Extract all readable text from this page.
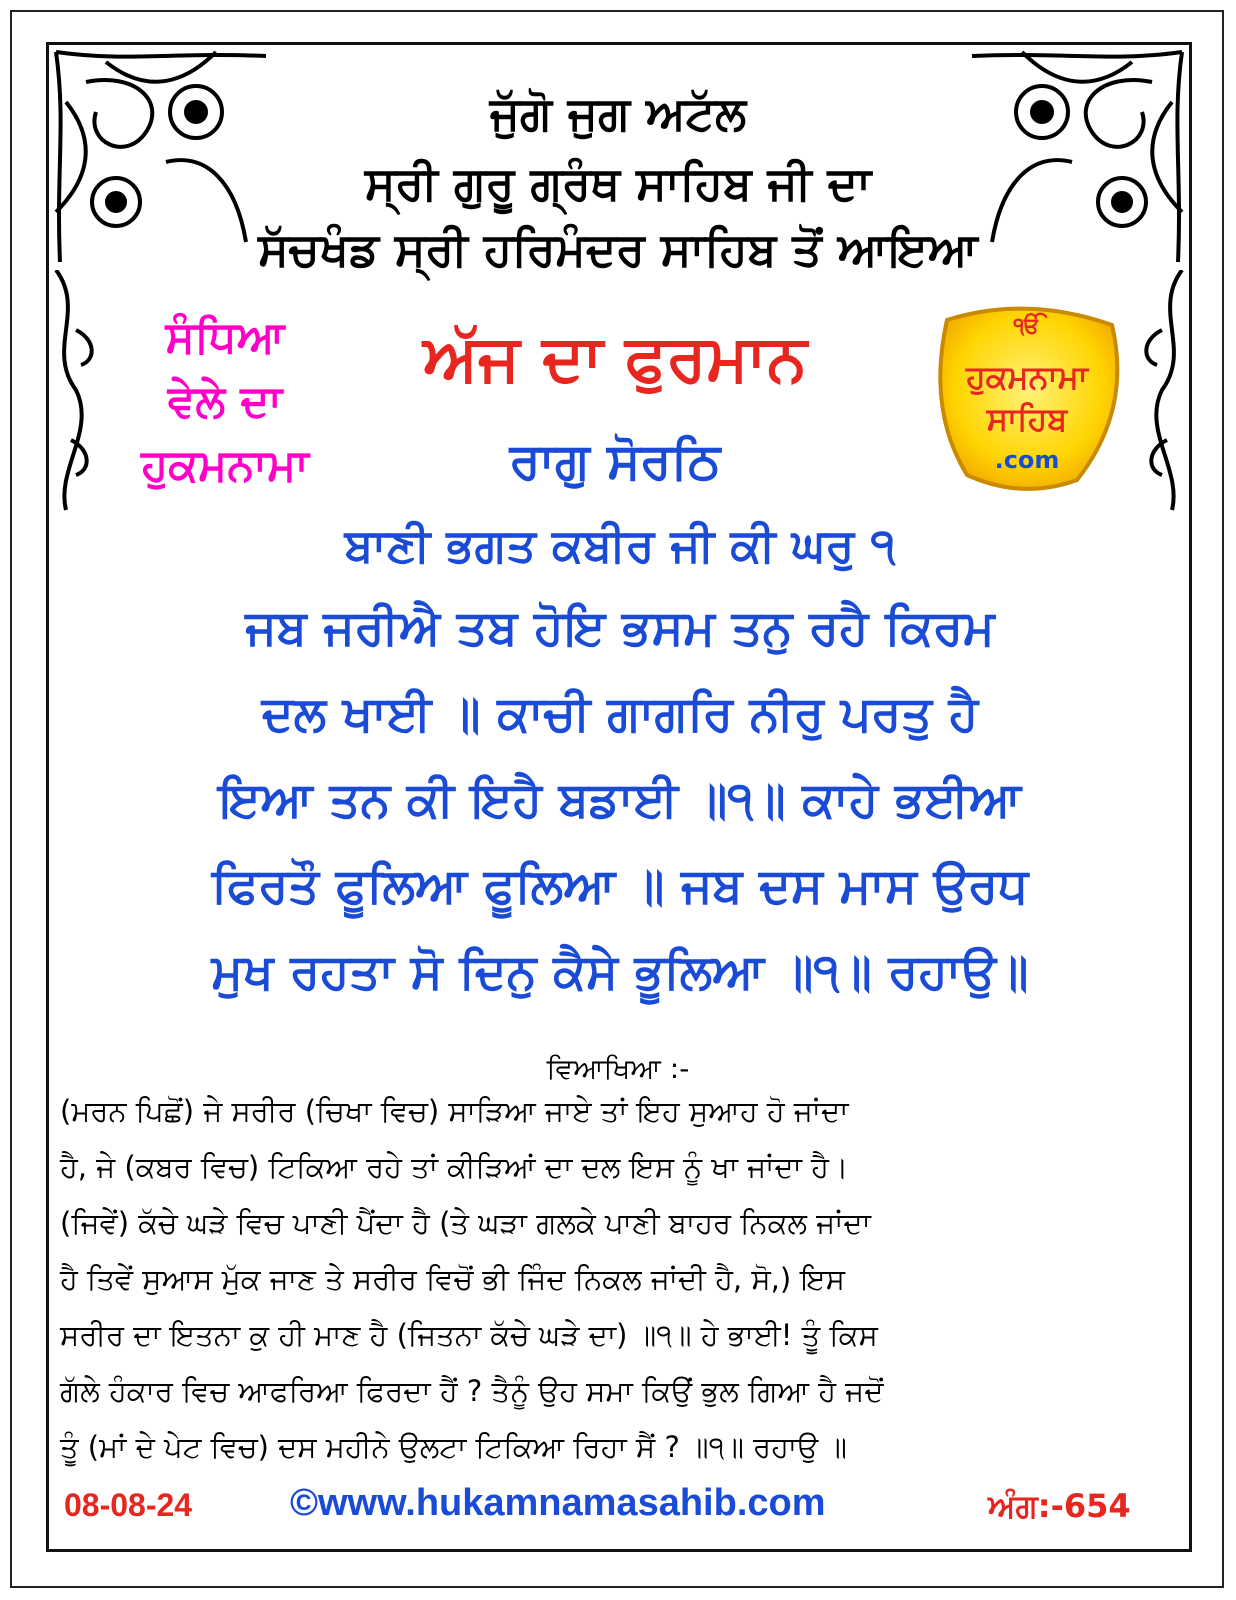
ਜੁੱਗੋ ਜੁਗ ਅਟੱਲ
ਸ੍ਰੀ ਗੁਰੂ ਗ੍ਰੰਥ ਸਾਹਿਬ ਜੀ ਦਾ
ਸੱਚਖੰਡ ਸ੍ਰੀ ਹਰਿਮੰਦਰ ਸਾਹਿਬ ਤੋਂ ਆਇਆ
ਸੰਧਿਆ
ਵੇਲੇ ਦਾ
ਹੁਕਮਨਾਮਾ
ਅੱਜ ਦਾ ਫੁਰਮਾਨ
ਰਾਗੁ ਸੋਰਠਿ
ੴ
ਹੁਕਮਨਾਮਾ
ਸਾਹਿਬ
.com
ਬਾਣੀ ਭਗਤ ਕਬੀਰ ਜੀ ਕੀ ਘਰੁ ੧
ਜਬ ਜਰੀਐ ਤਬ ਹੋਇ ਭਸਮ ਤਨੁ ਰਹੈ ਕਿਰਮ
ਦਲ ਖਾਈ ॥ ਕਾਚੀ ਗਾਗਰਿ ਨੀਰੁ ਪਰਤੁ ਹੈ
ਇਆ ਤਨ ਕੀ ਇਹੈ ਬਡਾਈ ॥੧॥ ਕਾਹੇ ਭਈਆ
ਫਿਰਤੌ ਫੂਲਿਆ ਫੂਲਿਆ ॥ ਜਬ ਦਸ ਮਾਸ ਉਰਧ
ਮੁਖ ਰਹਤਾ ਸੋ ਦਿਨੁ ਕੈਸੇ ਭੂਲਿਆ ॥੧॥ ਰਹਾਉ॥
ਵਿਆਖਿਆ :-
(ਮਰਨ ਪਿਛੋਂ) ਜੇ ਸਰੀਰ (ਚਿਖਾ ਵਿਚ) ਸਾੜਿਆ ਜਾਏ ਤਾਂ ਇਹ ਸੁਆਹ ਹੋ ਜਾਂਦਾ
ਹੈ, ਜੇ (ਕਬਰ ਵਿਚ) ਟਿਕਿਆ ਰਹੇ ਤਾਂ ਕੀੜਿਆਂ ਦਾ ਦਲ ਇਸ ਨੂੰ ਖਾ ਜਾਂਦਾ ਹੈ।
(ਜਿਵੇਂ) ਕੱਚੇ ਘੜੇ ਵਿਚ ਪਾਣੀ ਪੈਂਦਾ ਹੈ (ਤੇ ਘੜਾ ਗਲਕੇ ਪਾਣੀ ਬਾਹਰ ਨਿਕਲ ਜਾਂਦਾ
ਹੈ ਤਿਵੇਂ ਸੁਆਸ ਮੁੱਕ ਜਾਣ ਤੇ ਸਰੀਰ ਵਿਚੋਂ ਭੀ ਜਿੰਦ ਨਿਕਲ ਜਾਂਦੀ ਹੈ, ਸੋ,) ਇਸ
ਸਰੀਰ ਦਾ ਇਤਨਾ ਕੁ ਹੀ ਮਾਣ ਹੈ (ਜਿਤਨਾ ਕੱਚੇ ਘੜੇ ਦਾ) ॥੧॥ ਹੇ ਭਾਈ! ਤੂੰ ਕਿਸ
ਗੱਲੇ ਹੰਕਾਰ ਵਿਚ ਆਫਰਿਆ ਫਿਰਦਾ ਹੈਂ ? ਤੈਨੂੰ ਉਹ ਸਮਾ ਕਿਉਂ ਭੁਲ ਗਿਆ ਹੈ ਜਦੋਂ
ਤੂੰ (ਮਾਂ ਦੇ ਪੇਟ ਵਿਚ) ਦਸ ਮਹੀਨੇ ਉਲਟਾ ਟਿਕਿਆ ਰਿਹਾ ਸੈਂ ? ॥੧॥ ਰਹਾਉ ॥
08-08-24	©www.hukamnamasahib.com	ਅੰਗ:-654
